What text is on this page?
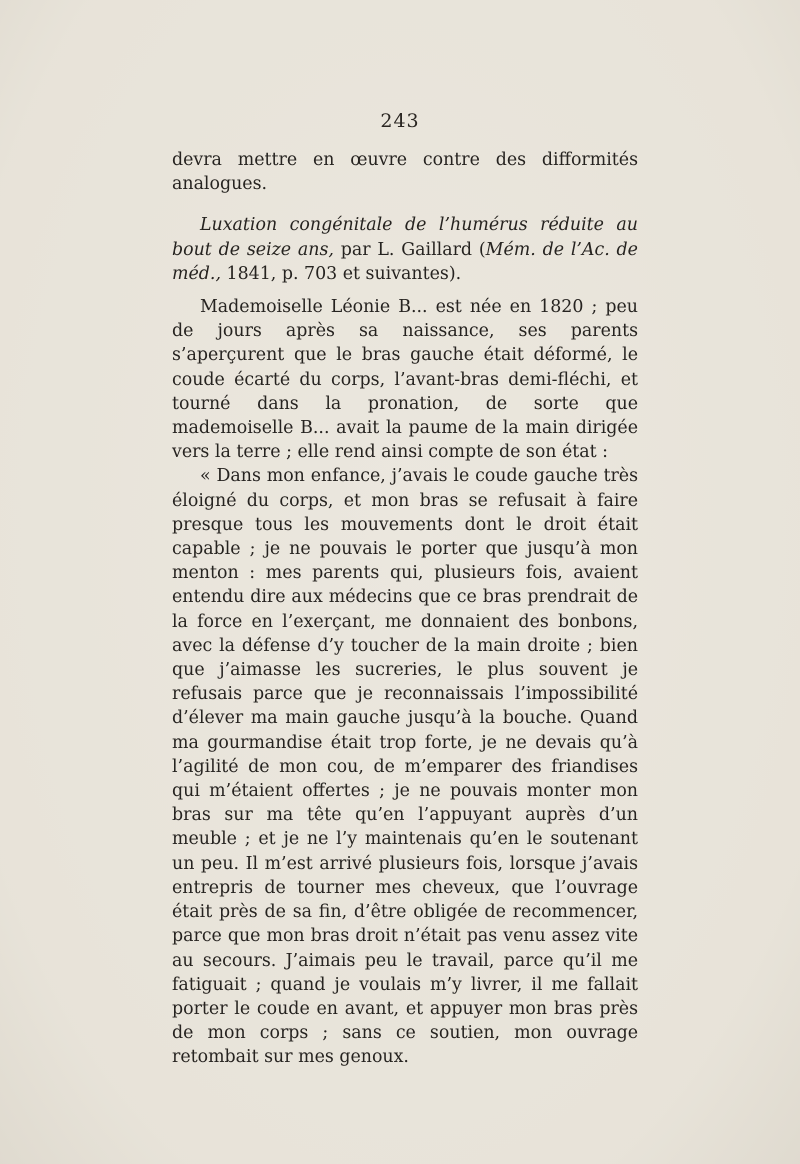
243

devra mettre en œuvre contre des difformités analogues.

Luxation congénitale de l’humérus réduite au bout de seize ans, par L. Gaillard (Mém. de l’Ac. de méd., 1841, p. 703 et suivantes).

Mademoiselle Léonie B... est née en 1820 ; peu de jours après sa naissance, ses parents s’aperçurent que le bras gauche était déformé, le coude écarté du corps, l’avant-bras demi-fléchi, et tourné dans la pronation, de sorte que mademoiselle B... avait la paume de la main dirigée vers la terre ; elle rend ainsi compte de son état :

« Dans mon enfance, j’avais le coude gauche très éloigné du corps, et mon bras se refusait à faire presque tous les mouvements dont le droit était capable ; je ne pouvais le porter que jusqu’à mon menton : mes parents qui, plusieurs fois, avaient entendu dire aux médecins que ce bras prendrait de la force en l’exerçant, me donnaient des bonbons, avec la défense d’y toucher de la main droite ; bien que j’aimasse les sucreries, le plus souvent je refusais parce que je reconnaissais l’impossibilité d’élever ma main gauche jusqu’à la bouche. Quand ma gourmandise était trop forte, je ne devais qu’à l’agilité de mon cou, de m’emparer des friandises qui m’étaient offertes ; je ne pouvais monter mon bras sur ma tête qu’en l’appuyant auprès d’un meuble ; et je ne l’y maintenais qu’en le soutenant un peu. Il m’est arrivé plusieurs fois, lorsque j’avais entrepris de tourner mes cheveux, que l’ouvrage était près de sa fin, d’être obligée de recommencer, parce que mon bras droit n’était pas venu assez vite au secours. J’aimais peu le travail, parce qu’il me fatiguait ; quand je voulais m’y livrer, il me fallait porter le coude en avant, et appuyer mon bras près de mon corps ; sans ce soutien, mon ouvrage retombait sur mes genoux.
